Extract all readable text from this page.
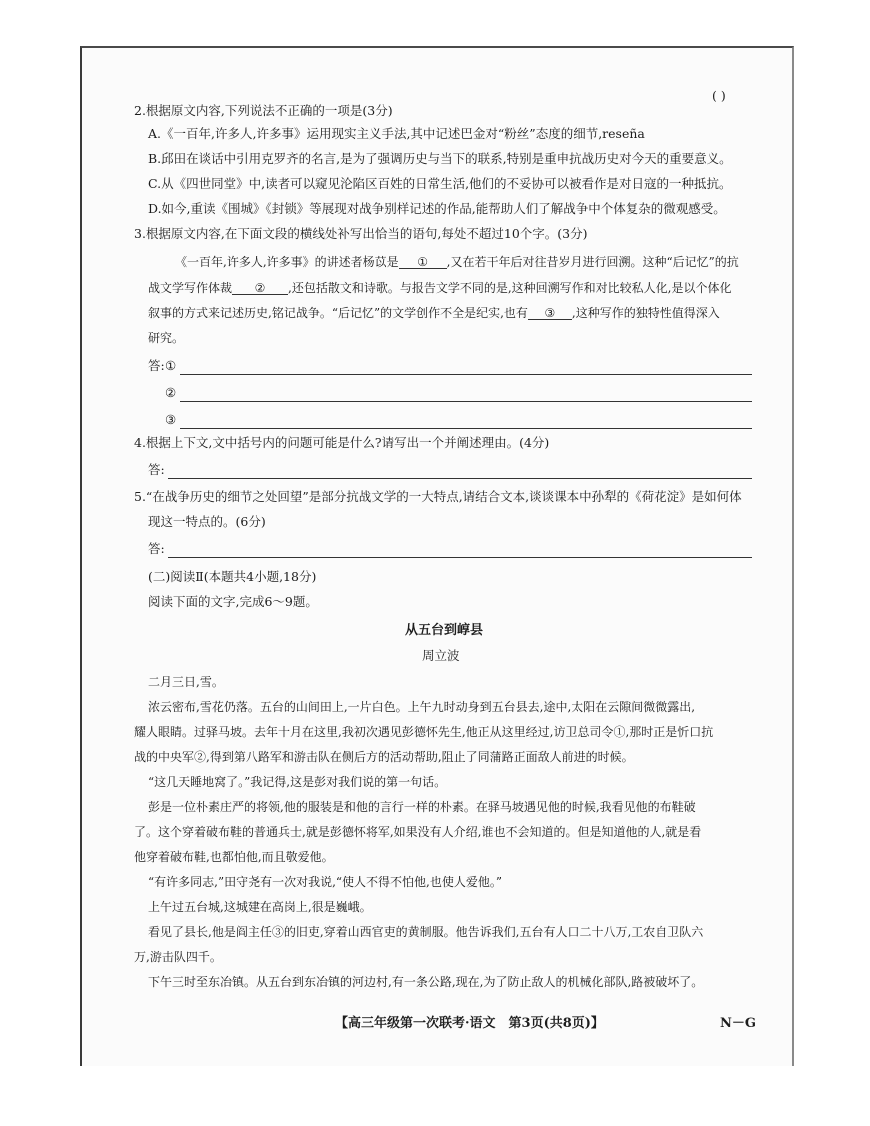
( )
2.根据原文内容,下列说法不正确的一项是(3分)
A.《一百年,许多人,许多事》运用现实主义手法,其中记述巴金对“粉丝”态度的细节,reseña
B.邱田在谈话中引用克罗齐的名言,是为了强调历史与当下的联系,特别是重申抗战历史对今天的重要意义。
C.从《四世同堂》中,读者可以窥见沦陷区百姓的日常生活,他们的不妥协可以被看作是对日寇的一种抵抗。
D.如今,重读《围城》《封锁》等展现对战争别样记述的作品,能帮助人们了解战争中个体复杂的微观感受。
3.根据原文内容,在下面文段的横线处补写出恰当的语句,每处不超过10个字。(3分)
《一百年,许多人,许多事》的讲述者杨苡是 ① ,又在若干年后对往昔岁月进行回溯。这种“后记忆”的抗
战文学写作体裁 ② ,还包括散文和诗歌。与报告文学不同的是,这种回溯写作和对比较私人化,是以个体化
叙事的方式来记述历史,铭记战争。“后记忆”的文学创作不全是纪实,也有 ③ ,这种写作的独特性值得深入
研究。
答: ①
②
③
4.根据上下文,文中括号内的问题可能是什么?请写出一个并阐述理由。(4分)
答:
5.“在战争历史的细节之处回望”是部分抗战文学的一大特点,请结合文本,谈谈课本中孙犁的《荷花淀》是如何体
现这一特点的。(6分)
答:
(二)阅读Ⅱ(本题共4小题,18分)
阅读下面的文字,完成6～9题。
从五台到崞县
周立波
二月三日,雪。
浓云密布,雪花仍落。五台的山间田上,一片白色。上午九时动身到五台县去,途中,太阳在云隙间微微露出,
耀人眼睛。过驿马坡。去年十月在这里,我初次遇见彭德怀先生,他正从这里经过,访卫总司令①,那时正是忻口抗
战的中央军②,得到第八路军和游击队在侧后方的活动帮助,阻止了同蒲路正面敌人前进的时候。
“这几天睡地窝了。”我记得,这是彭对我们说的第一句话。
彭是一位朴素庄严的将领,他的服装是和他的言行一样的朴素。在驿马坡遇见他的时候,我看见他的布鞋破
了。这个穿着破布鞋的普通兵士,就是彭德怀将军,如果没有人介绍,谁也不会知道的。但是知道他的人,就是看
他穿着破布鞋,也都怕他,而且敬爱他。
“有许多同志,”田守尧有一次对我说,“使人不得不怕他,也使人爱他。”
上午过五台城,这城建在高岗上,很是巍峨。
看见了县长,他是阎主任③的旧吏,穿着山西官吏的黄制服。他告诉我们,五台有人口二十八万,工农自卫队六
万,游击队四千。
下午三时至东冶镇。从五台到东冶镇的河边村,有一条公路,现在,为了防止敌人的机械化部队,路被破坏了。
【高三年级第一次联考·语文　第3页(共8页)】	N－G
